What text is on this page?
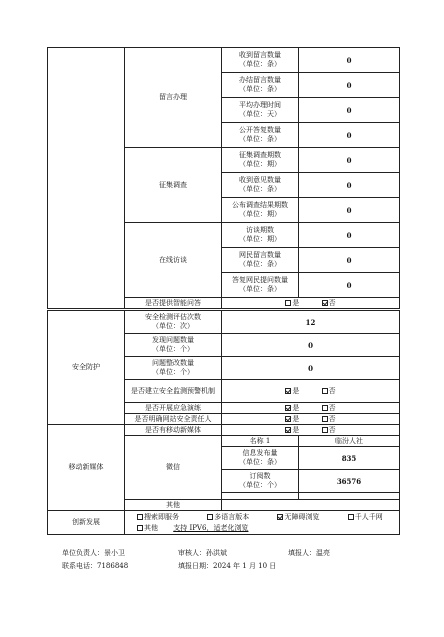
	留言办理	收到留言数量
（单位：条）	0
		办结留言数量
（单位：条）	0
		平均办理时间
（单位：天）	0
		公开答复数量
（单位：条）	0
	征集调查	征集调查期数
（单位：期）	0
		收到意见数量
（单位：条）	0
		公布调查结果期数
（单位：期）	0
	在线访谈	访谈期数
（单位：期）	0
		网民留言数量
（单位：条）	0
		答复网民提问数量
（单位：条）	0
	是否提供智能问答	是 否	
安全防护	安全检测评估次数
（单位：次）	12	
	发现问题数量
（单位：个）	0	
	问题整改数量
（单位：个）	0	
	是否建立安全监测预警机制	是 否	
	是否开展应急演练	是 否	
	是否明确网站安全责任人	是 否	
移动新媒体	是否有移动新媒体	是 否	
	微信	名称 1	临汾人社
		信息发布量
（单位：条）	835
		订阅数
（单位：个）	36576

	其他		
创新发展	搜索即服务 多语言版本 无障碍浏览 千人千网
其他 支持 IPV6，适老化浏览		
单位负责人：景小卫	审核人：孙洪斌	填报人：温亮
联系电话：7186848	填报日期：2024 年 1 月 10 日
